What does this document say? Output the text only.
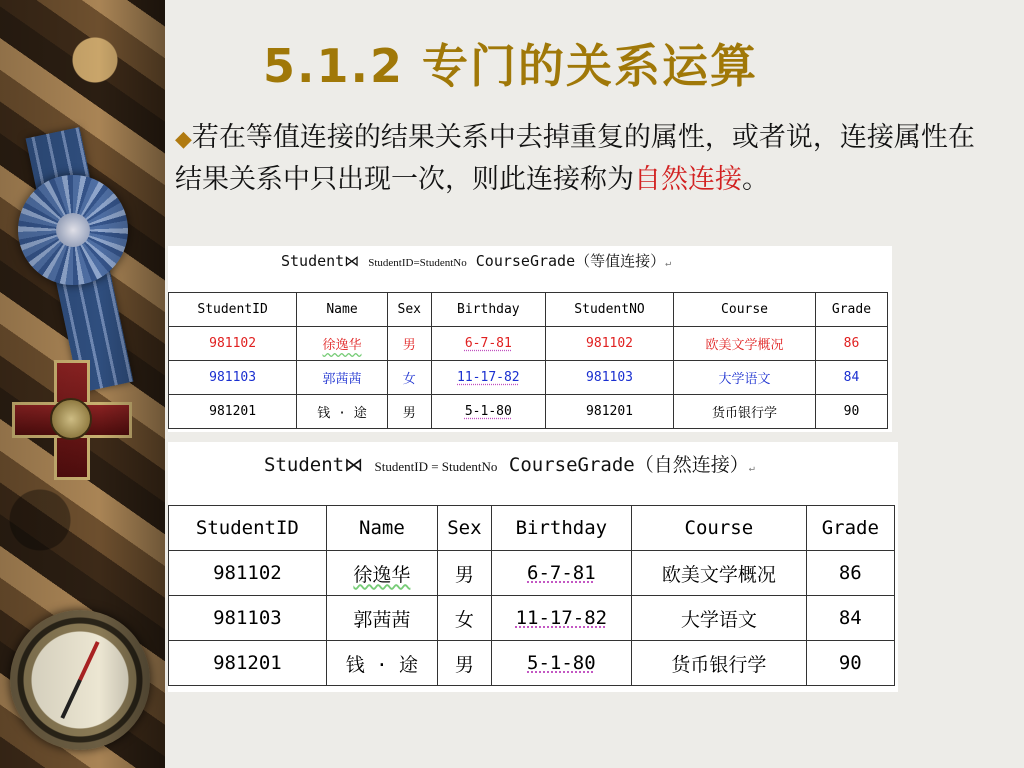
5.1.2 专门的关系运算
◆若在等值连接的结果关系中去掉重复的属性，或者说，连接属性在结果关系中只出现一次，则此连接称为自然连接。
Student⋈ StudentID=StudentNo CourseGrade（等值连接）↵
StudentID	Name	Sex	Birthday	StudentNO	Course	Grade
981102	徐逸华	男	6-7-81	981102	欧美文学概况	86
981103	郭茜茜	女	11-17-82	981103	大学语文	84
981201	钱 · 途	男	5-1-80	981201	货币银行学	90
Student⋈ StudentID = StudentNo CourseGrade（自然连接）↵
StudentID	Name	Sex	Birthday	Course	Grade
981102	徐逸华	男	6-7-81	欧美文学概况	86
981103	郭茜茜	女	11-17-82	大学语文	84
981201	钱 · 途	男	5-1-80	货币银行学	90
